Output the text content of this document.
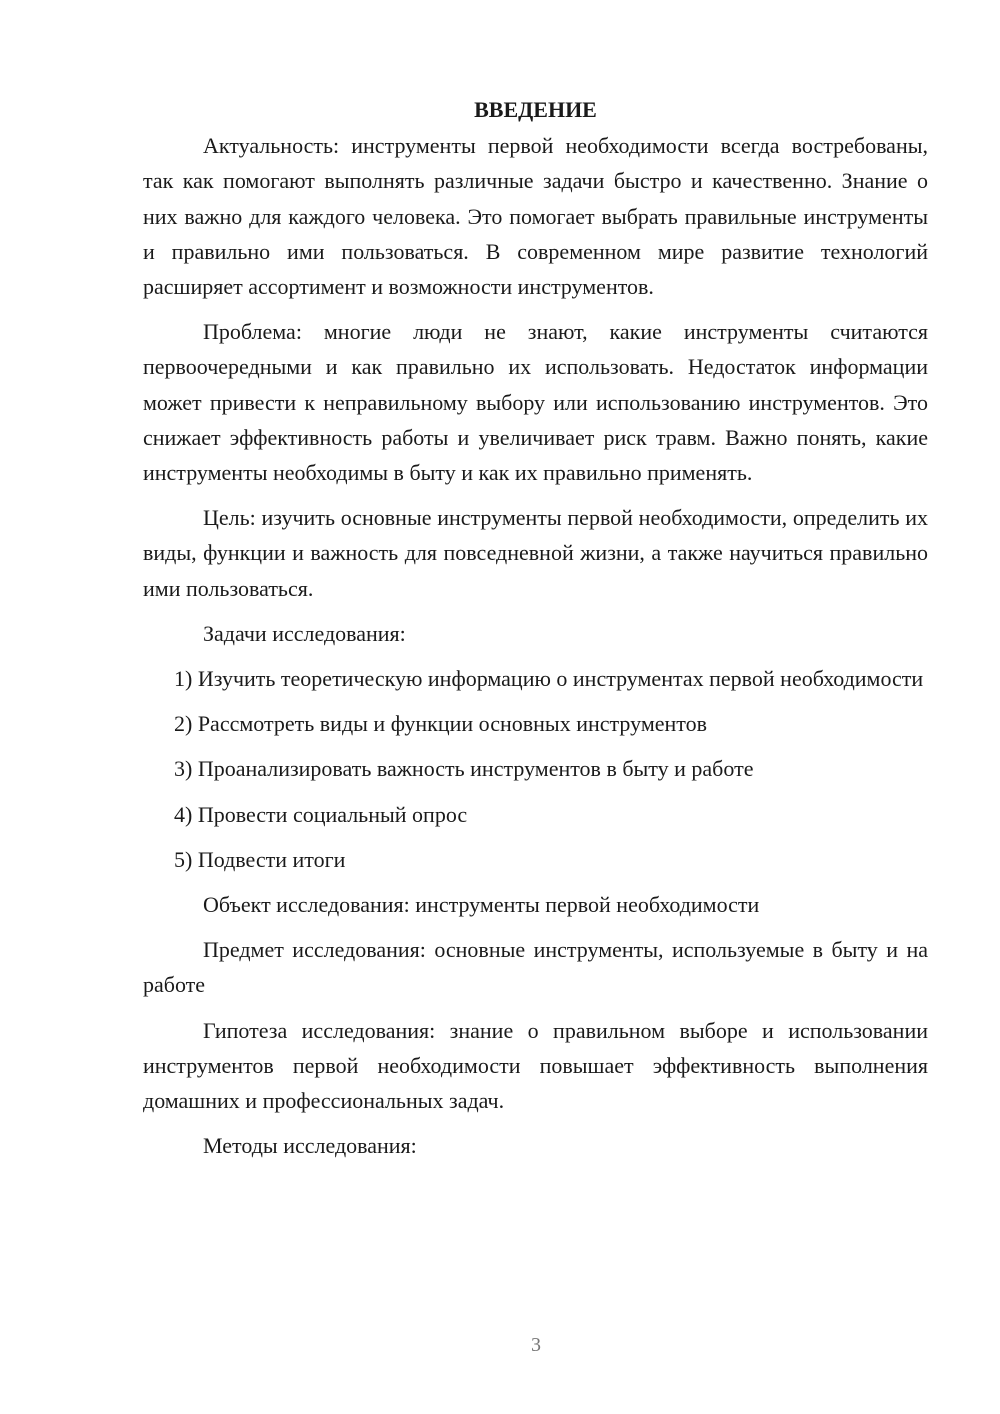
ВВЕДЕНИЕ

Актуальность: инструменты первой необходимости всегда востребованы, так как помогают выполнять различные задачи быстро и качественно. Знание о них важно для каждого человека. Это помогает выбрать правильные инструменты и правильно ими пользоваться. В современном мире развитие технологий расширяет ассортимент и возможности инструментов.

Проблема: многие люди не знают, какие инструменты считаются первоочередными и как правильно их использовать. Недостаток информации может привести к неправильному выбору или использованию инструментов. Это снижает эффективность работы и увеличивает риск травм. Важно понять, какие инструменты необходимы в быту и как их правильно применять.

Цель: изучить основные инструменты первой необходимости, определить их виды, функции и важность для повседневной жизни, а также научиться правильно ими пользоваться.

Задачи исследования:

1) Изучить теоретическую информацию о инструментах первой необходимости

2) Рассмотреть виды и функции основных инструментов

3) Проанализировать важность инструментов в быту и работе

4) Провести социальный опрос

5) Подвести итоги

Объект исследования: инструменты первой необходимости

Предмет исследования: основные инструменты, используемые в быту и на работе

Гипотеза исследования: знание о правильном выборе и использовании инструментов первой необходимости повышает эффективность выполнения домашних и профессиональных задач.

Методы исследования:

3
